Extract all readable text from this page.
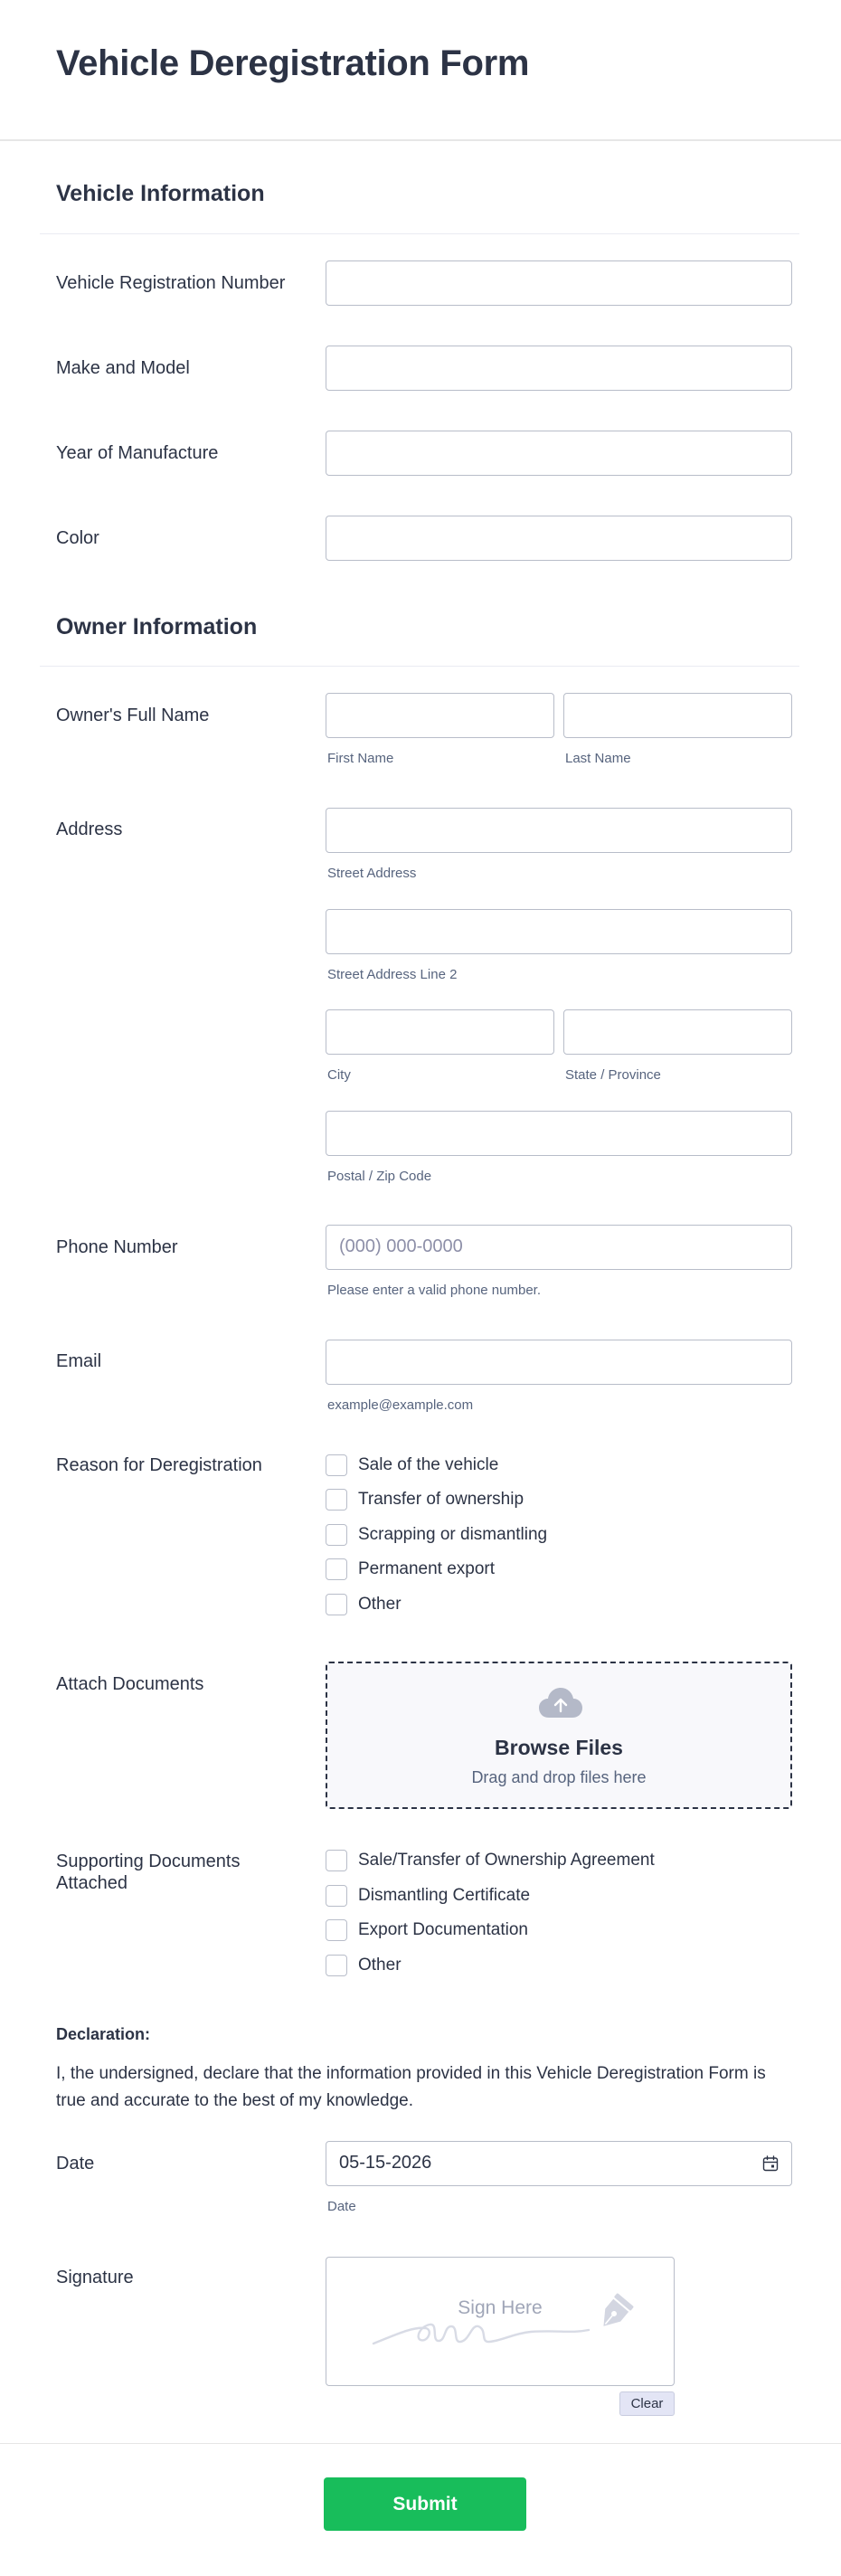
Vehicle Deregistration Form
Vehicle Information
Vehicle Registration Number
Make and Model
Year of Manufacture
Color
Owner Information
Owner's Full Name
First Name	Last Name
Address
Street Address
Street Address Line 2
City	State / Province
Postal / Zip Code
Phone Number	(000) 000-0000
Please enter a valid phone number.
Email
example@example.com
Reason for Deregistration	Sale of the vehicle
Transfer of ownership
Scrapping or dismantling
Permanent export
Other
Attach Documents
Browse Files
Drag and drop files here
Supporting Documents
Attached
Sale/Transfer of Ownership Agreement
Dismantling Certificate
Export Documentation
Other
Declaration:
I, the undersigned, declare that the information provided in this Vehicle Deregistration Form is true and accurate to the best of my knowledge.
Date	05-15-2026
Date
Signature
Sign Here
Clear
Submit
